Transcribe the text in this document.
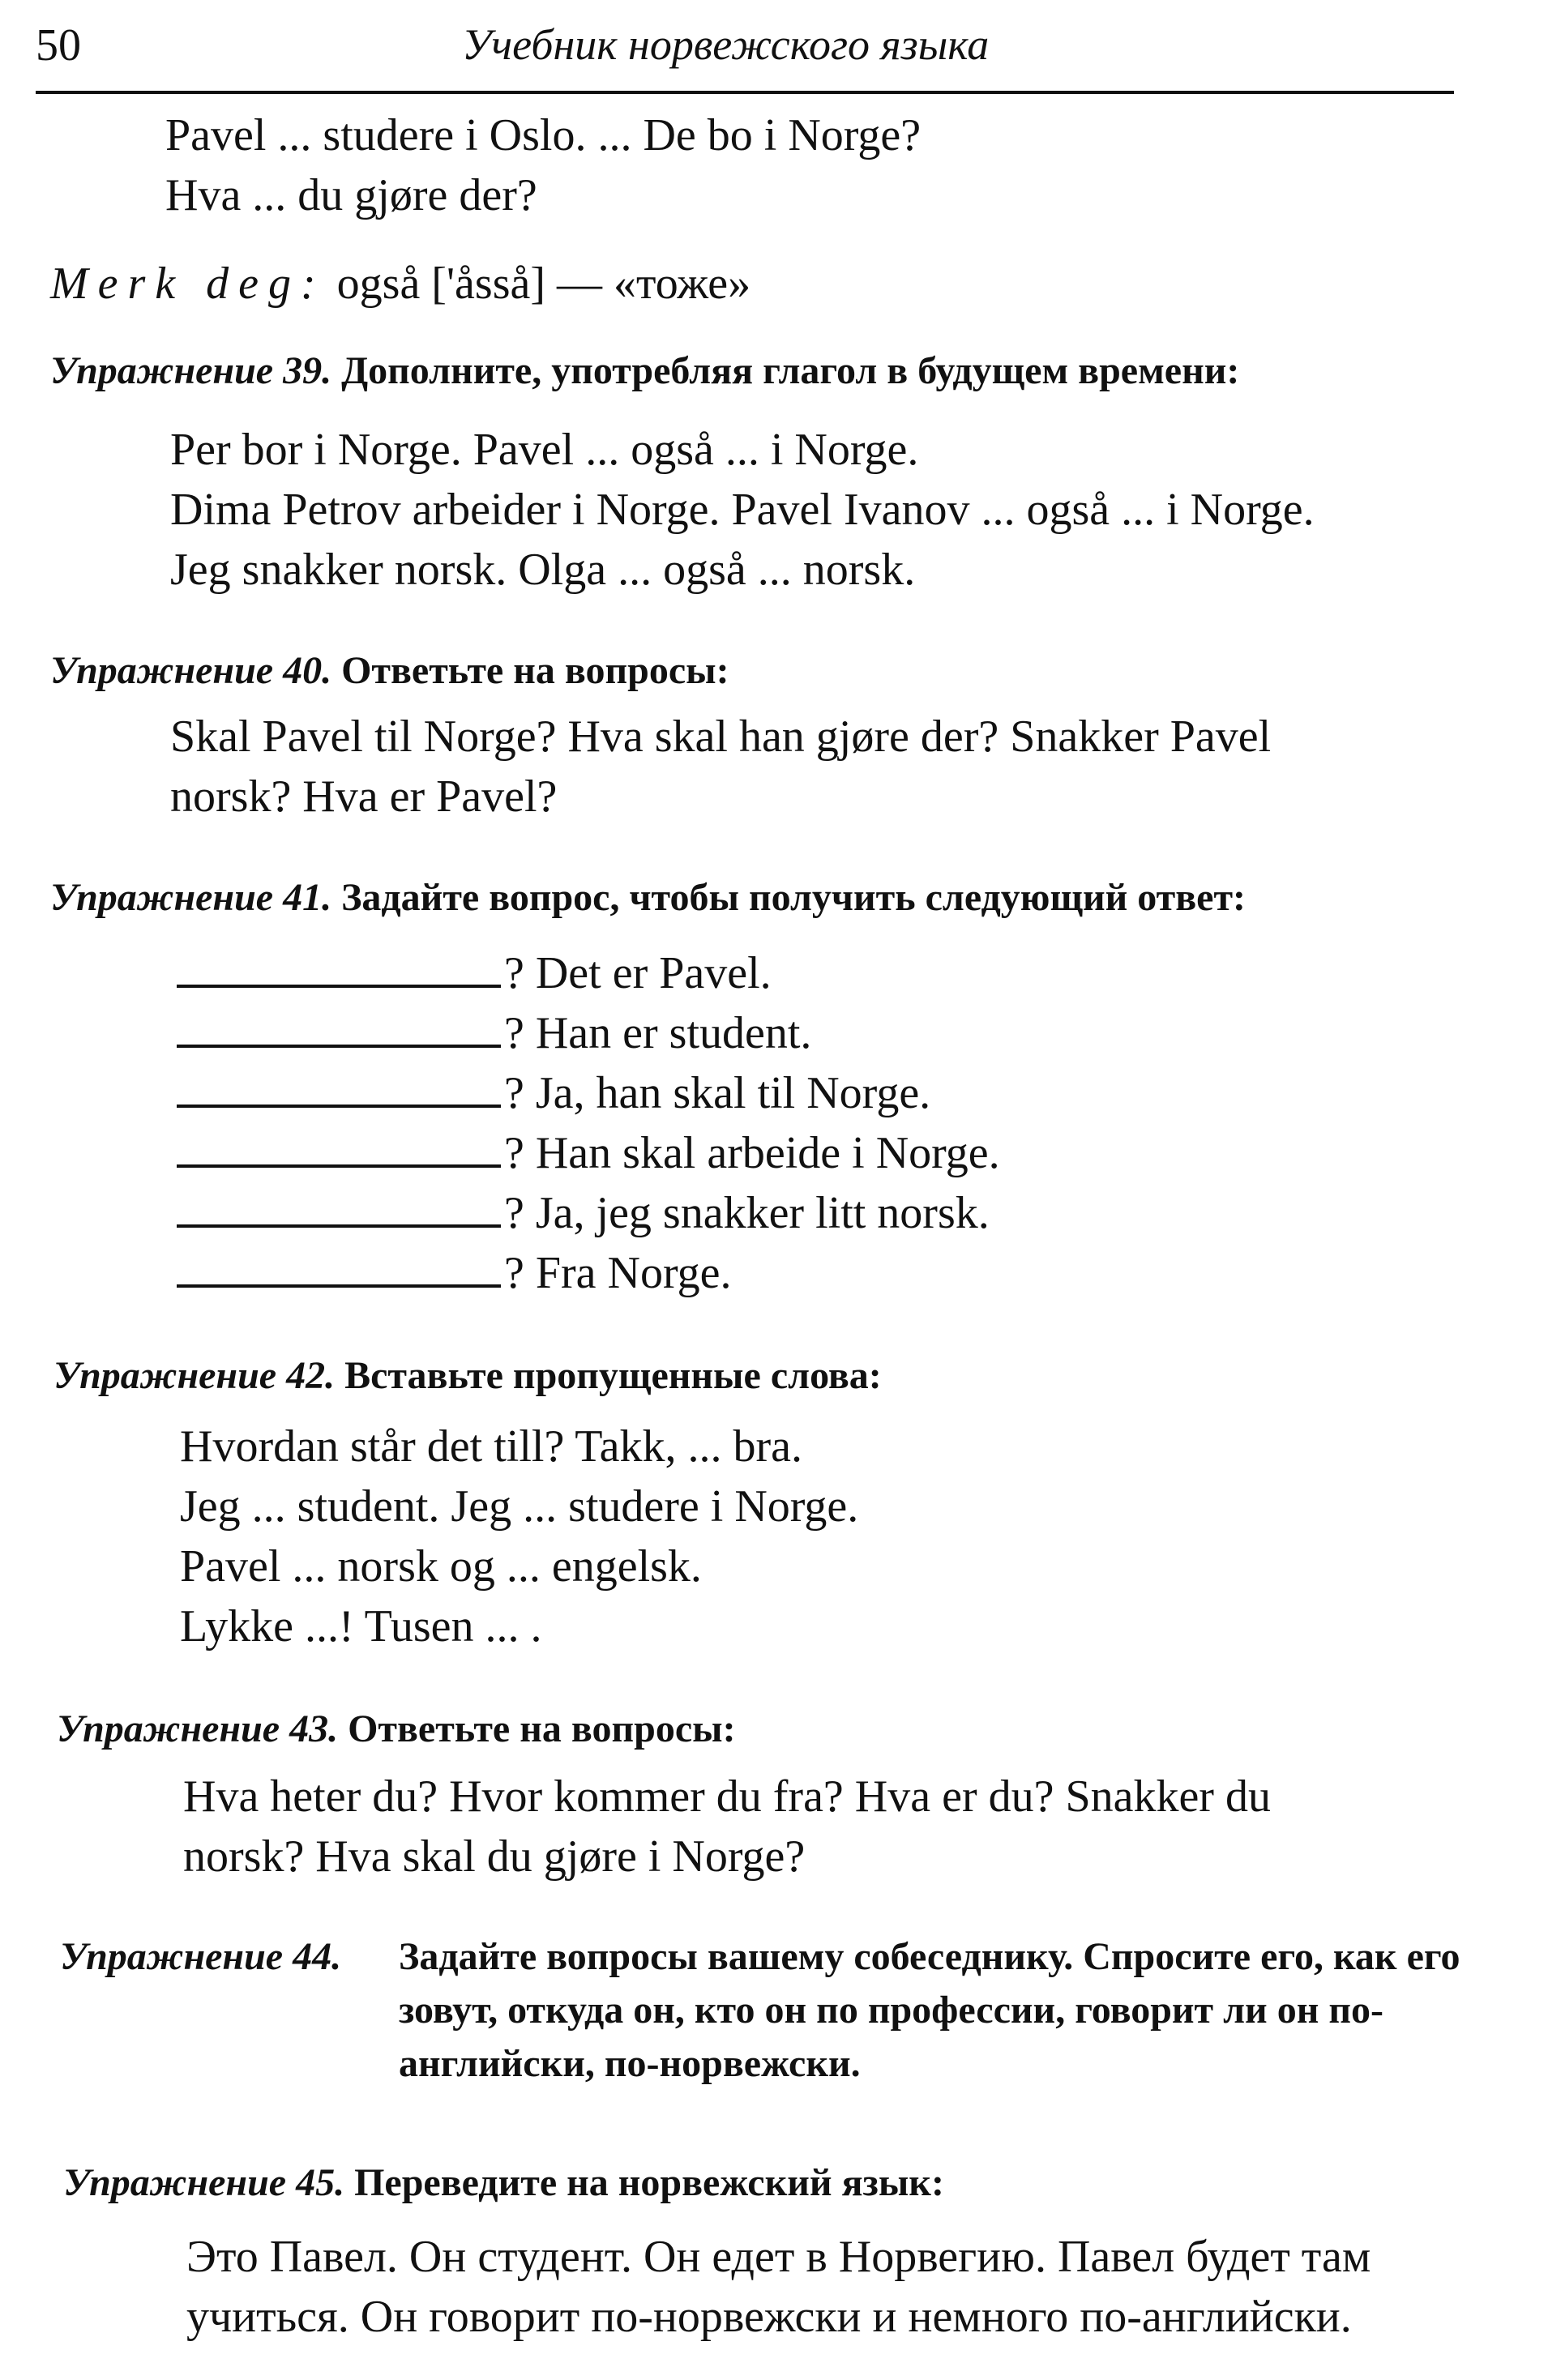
50	Учебник норвежского языка
Pavel ... studere i Oslo. ... De bo i Norge?
Hva ... du gjøre der?
Merk deg: også ['åsså] — «тоже»
Упражнение 39. Дополните, употребляя глагол в будущем времени:
Per bor i Norge. Pavel ... også ... i Norge.
Dima Petrov arbeider i Norge. Pavel Ivanov ... også ... i Norge.
Jeg snakker norsk. Olga ... også ... norsk.
Упражнение 40. Ответьте на вопросы:
Skal Pavel til Norge? Hva skal han gjøre der? Snakker Pavel
norsk? Hva er Pavel?
Упражнение 41. Задайте вопрос, чтобы получить следующий ответ:
? Det er Pavel.
? Han er student.
? Ja, han skal til Norge.
? Han skal arbeide i Norge.
? Ja, jeg snakker litt norsk.
? Fra Norge.
Упражнение 42. Вставьте пропущенные слова:
Hvordan står det till? Takk, ... bra.
Jeg ... student. Jeg ... studere i Norge.
Pavel ... norsk og ... engelsk.
Lykke ...! Tusen ... .
Упражнение 43. Ответьте на вопросы:
Hva heter du? Hvor kommer du fra? Hva er du? Snakker du
norsk? Hva skal du gjøre i Norge?
Упражнение 44. Задайте вопросы вашему собеседнику. Спросите его, как его зовут, откуда он, кто он по профессии, говорит ли он по-английски, по-норвежски.
Упражнение 45. Переведите на норвежский язык:
Это Павел. Он студент. Он едет в Норвегию. Павел будет там
учиться. Он говорит по-норвежски и немного по-английски.
